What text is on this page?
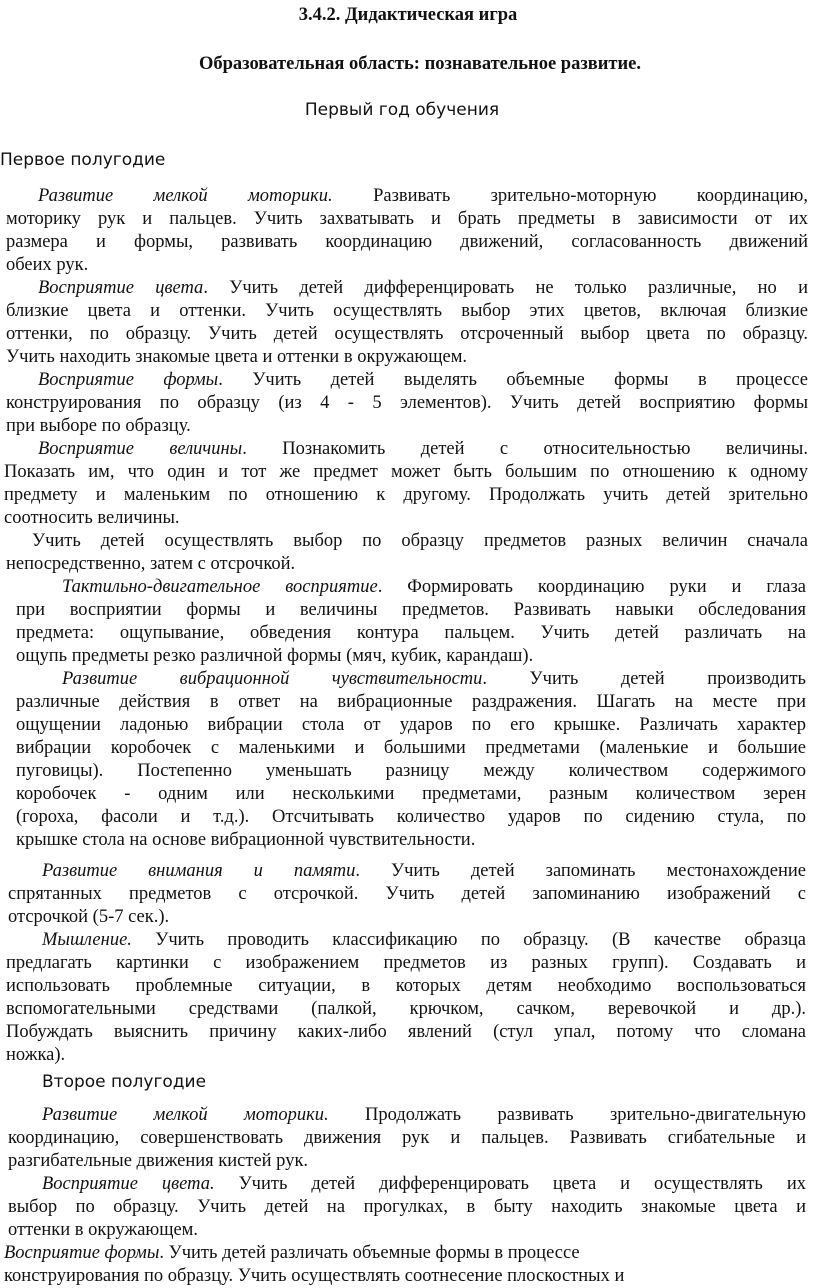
3.4.2. Дидактическая игра
Образовательная область: познавательное развитие.
Первый год обучения
Первое полугодие
Второе полугодие
Развитие мелкой моторики. Развивать зрительно-моторную координацию,
моторику рук и пальцев. Учить захватывать и брать предметы в зависимости от их
размера и формы, развивать координацию движений, согласованность движений
обеих рук.
Восприятие цвета. Учить детей дифференцировать не только различные, но и
близкие цвета и оттенки. Учить осуществлять выбор этих цветов, включая близкие
оттенки, по образцу. Учить детей осуществлять отсроченный выбор цвета по образцу.
Учить находить знакомые цвета и оттенки в окружающем.
Восприятие формы. Учить детей выделять объемные формы в процессе
конструирования по образцу (из 4 - 5 элементов). Учить детей восприятию формы
при выборе по образцу.
Восприятие величины. Познакомить детей с относительностью величины.
Показать им, что один и тот же предмет может быть большим по отношению к одному
предмету и маленьким по отношению к другому. Продолжать учить детей зрительно
соотносить величины.
Учить детей осуществлять выбор по образцу предметов разных величин сначала
непосредственно, затем с отсрочкой.
Тактильно-двигательное восприятие. Формировать координацию руки и глаза
при восприятии формы и величины предметов. Развивать навыки обследования
предмета: ощупывание, обведения контура пальцем. Учить детей различать на
ощупь предметы резко различной формы (мяч, кубик, карандаш).
Развитие вибрационной чувствительности. Учить детей производить
различные действия в ответ на вибрационные раздражения. Шагать на месте при
ощущении ладонью вибрации стола от ударов по его крышке. Различать характер
вибрации коробочек с маленькими и большими предметами (маленькие и большие
пуговицы). Постепенно уменьшать разницу между количеством содержимого
коробочек - одним или несколькими предметами, разным количеством зерен
(гороха, фасоли и т.д.). Отсчитывать количество ударов по сидению стула, по
крышке стола на основе вибрационной чувствительности.
Развитие внимания и памяти. Учить детей запоминать местонахождение
спрятанных предметов с отсрочкой. Учить детей запоминанию изображений с
отсрочкой (5-7 сек.).
Мышление. Учить проводить классификацию по образцу. (В качестве образца
предлагать картинки с изображением предметов из разных групп). Создавать и
использовать проблемные ситуации, в которых детям необходимо воспользоваться
вспомогательными средствами (палкой, крючком, сачком, веревочкой и др.).
Побуждать выяснить причину каких-либо явлений (стул упал, потому что сломана
ножка).
Развитие мелкой моторики. Продолжать развивать зрительно-двигательную
координацию, совершенствовать движения рук и пальцев. Развивать сгибательные и
разгибательные движения кистей рук.
Восприятие цвета. Учить детей дифференцировать цвета и осуществлять их
выбор по образцу. Учить детей на прогулках, в быту находить знакомые цвета и
оттенки в окружающем.
Восприятие формы. Учить детей различать объемные формы в процессе
конструирования по образцу. Учить осуществлять соотнесение плоскостных и
